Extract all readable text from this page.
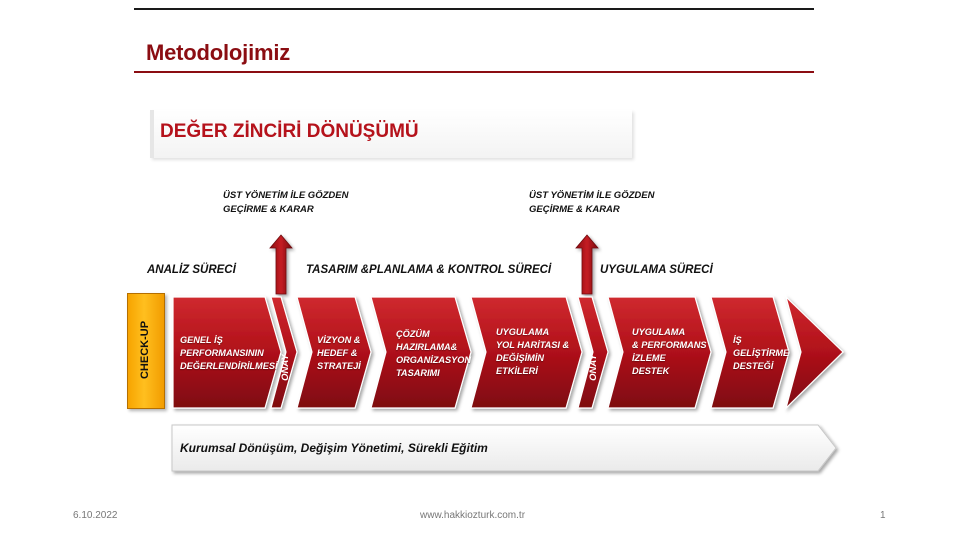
Metodolojimiz
DEĞER ZİNCİRİ DÖNÜŞÜMÜ
ÜST YÖNETİM İLE GÖZDEN
GEÇİRME & KARAR
ÜST YÖNETİM İLE GÖZDEN
GEÇİRME & KARAR
ANALİZ SÜRECİ	TASARIM &PLANLAMA & KONTROL SÜRECİ	UYGULAMA SÜRECİ
GENEL İŞ
PERFORMANSININ
DEĞERLENDİRİLMESİ
VİZYON &
HEDEF &
STRATEJİ
ÇÖZÜM
HAZIRLAMA&
ORGANİZASYON
TASARIMI
UYGULAMA
YOL HARİTASI &
DEĞİŞİMİN
ETKİLERİ
UYGULAMA
& PERFORMANS
İZLEME
DESTEK
İŞ
GELİŞTİRME
DESTEĞİ
ONAY	ONAY
CHECK-UP
Kurumsal Dönüşüm, Değişim Yönetimi, Sürekli Eğitim
6.10.2022	www.hakkiozturk.com.tr	1
